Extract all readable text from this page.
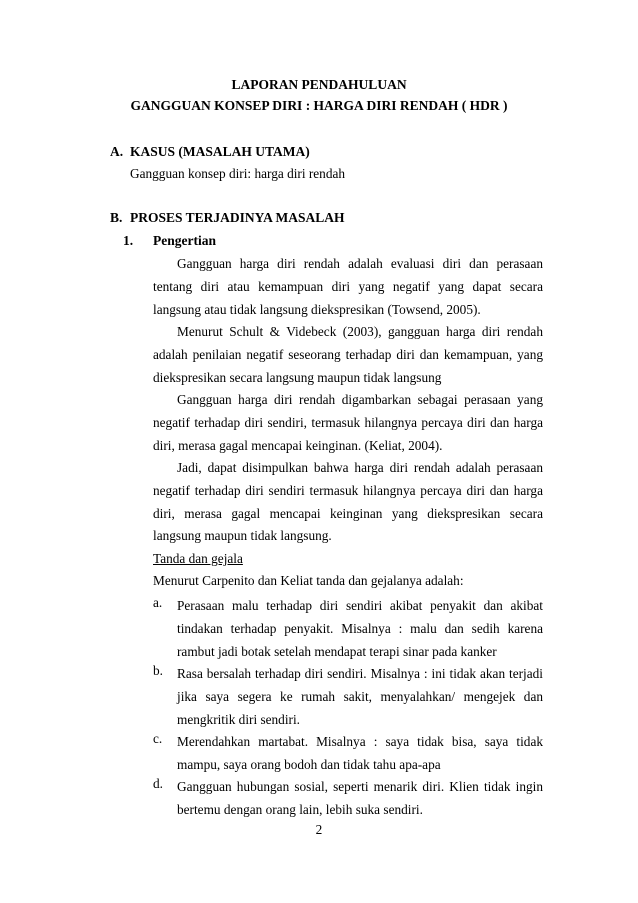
LAPORAN PENDAHULUAN
GANGGUAN KONSEP DIRI : HARGA DIRI RENDAH ( HDR )
A. KASUS (MASALAH UTAMA)
Gangguan konsep diri: harga diri rendah
B. PROSES TERJADINYA MASALAH
1. Pengertian

Gangguan harga diri rendah adalah evaluasi diri dan perasaan tentang diri atau kemampuan diri yang negatif yang dapat secara langsung atau tidak langsung diekspresikan (Towsend, 2005).

Menurut Schult & Videbeck (2003), gangguan harga diri rendah adalah penilaian negatif seseorang terhadap diri dan kemampuan, yang diekspresikan secara langsung maupun tidak langsung

Gangguan harga diri rendah digambarkan sebagai perasaan yang negatif terhadap diri sendiri, termasuk hilangnya percaya diri dan harga diri, merasa gagal mencapai keinginan. (Keliat, 2004).

Jadi, dapat disimpulkan bahwa harga diri rendah adalah perasaan negatif terhadap diri sendiri termasuk hilangnya percaya diri dan harga diri, merasa gagal mencapai keinginan yang diekspresikan secara langsung maupun tidak langsung.

Tanda dan gejala
Menurut Carpenito dan Keliat tanda dan gejalanya adalah:
a. Perasaan malu terhadap diri sendiri akibat penyakit dan akibat tindakan terhadap penyakit. Misalnya : malu dan sedih karena rambut jadi botak setelah mendapat terapi sinar pada kanker
b. Rasa bersalah terhadap diri sendiri. Misalnya : ini tidak akan terjadi jika saya segera ke rumah sakit, menyalahkan/ mengejek dan mengkritik diri sendiri.
c. Merendahkan martabat. Misalnya : saya tidak bisa, saya tidak mampu, saya orang bodoh dan tidak tahu apa-apa
d. Gangguan hubungan sosial, seperti menarik diri. Klien tidak ingin bertemu dengan orang lain, lebih suka sendiri.
2
